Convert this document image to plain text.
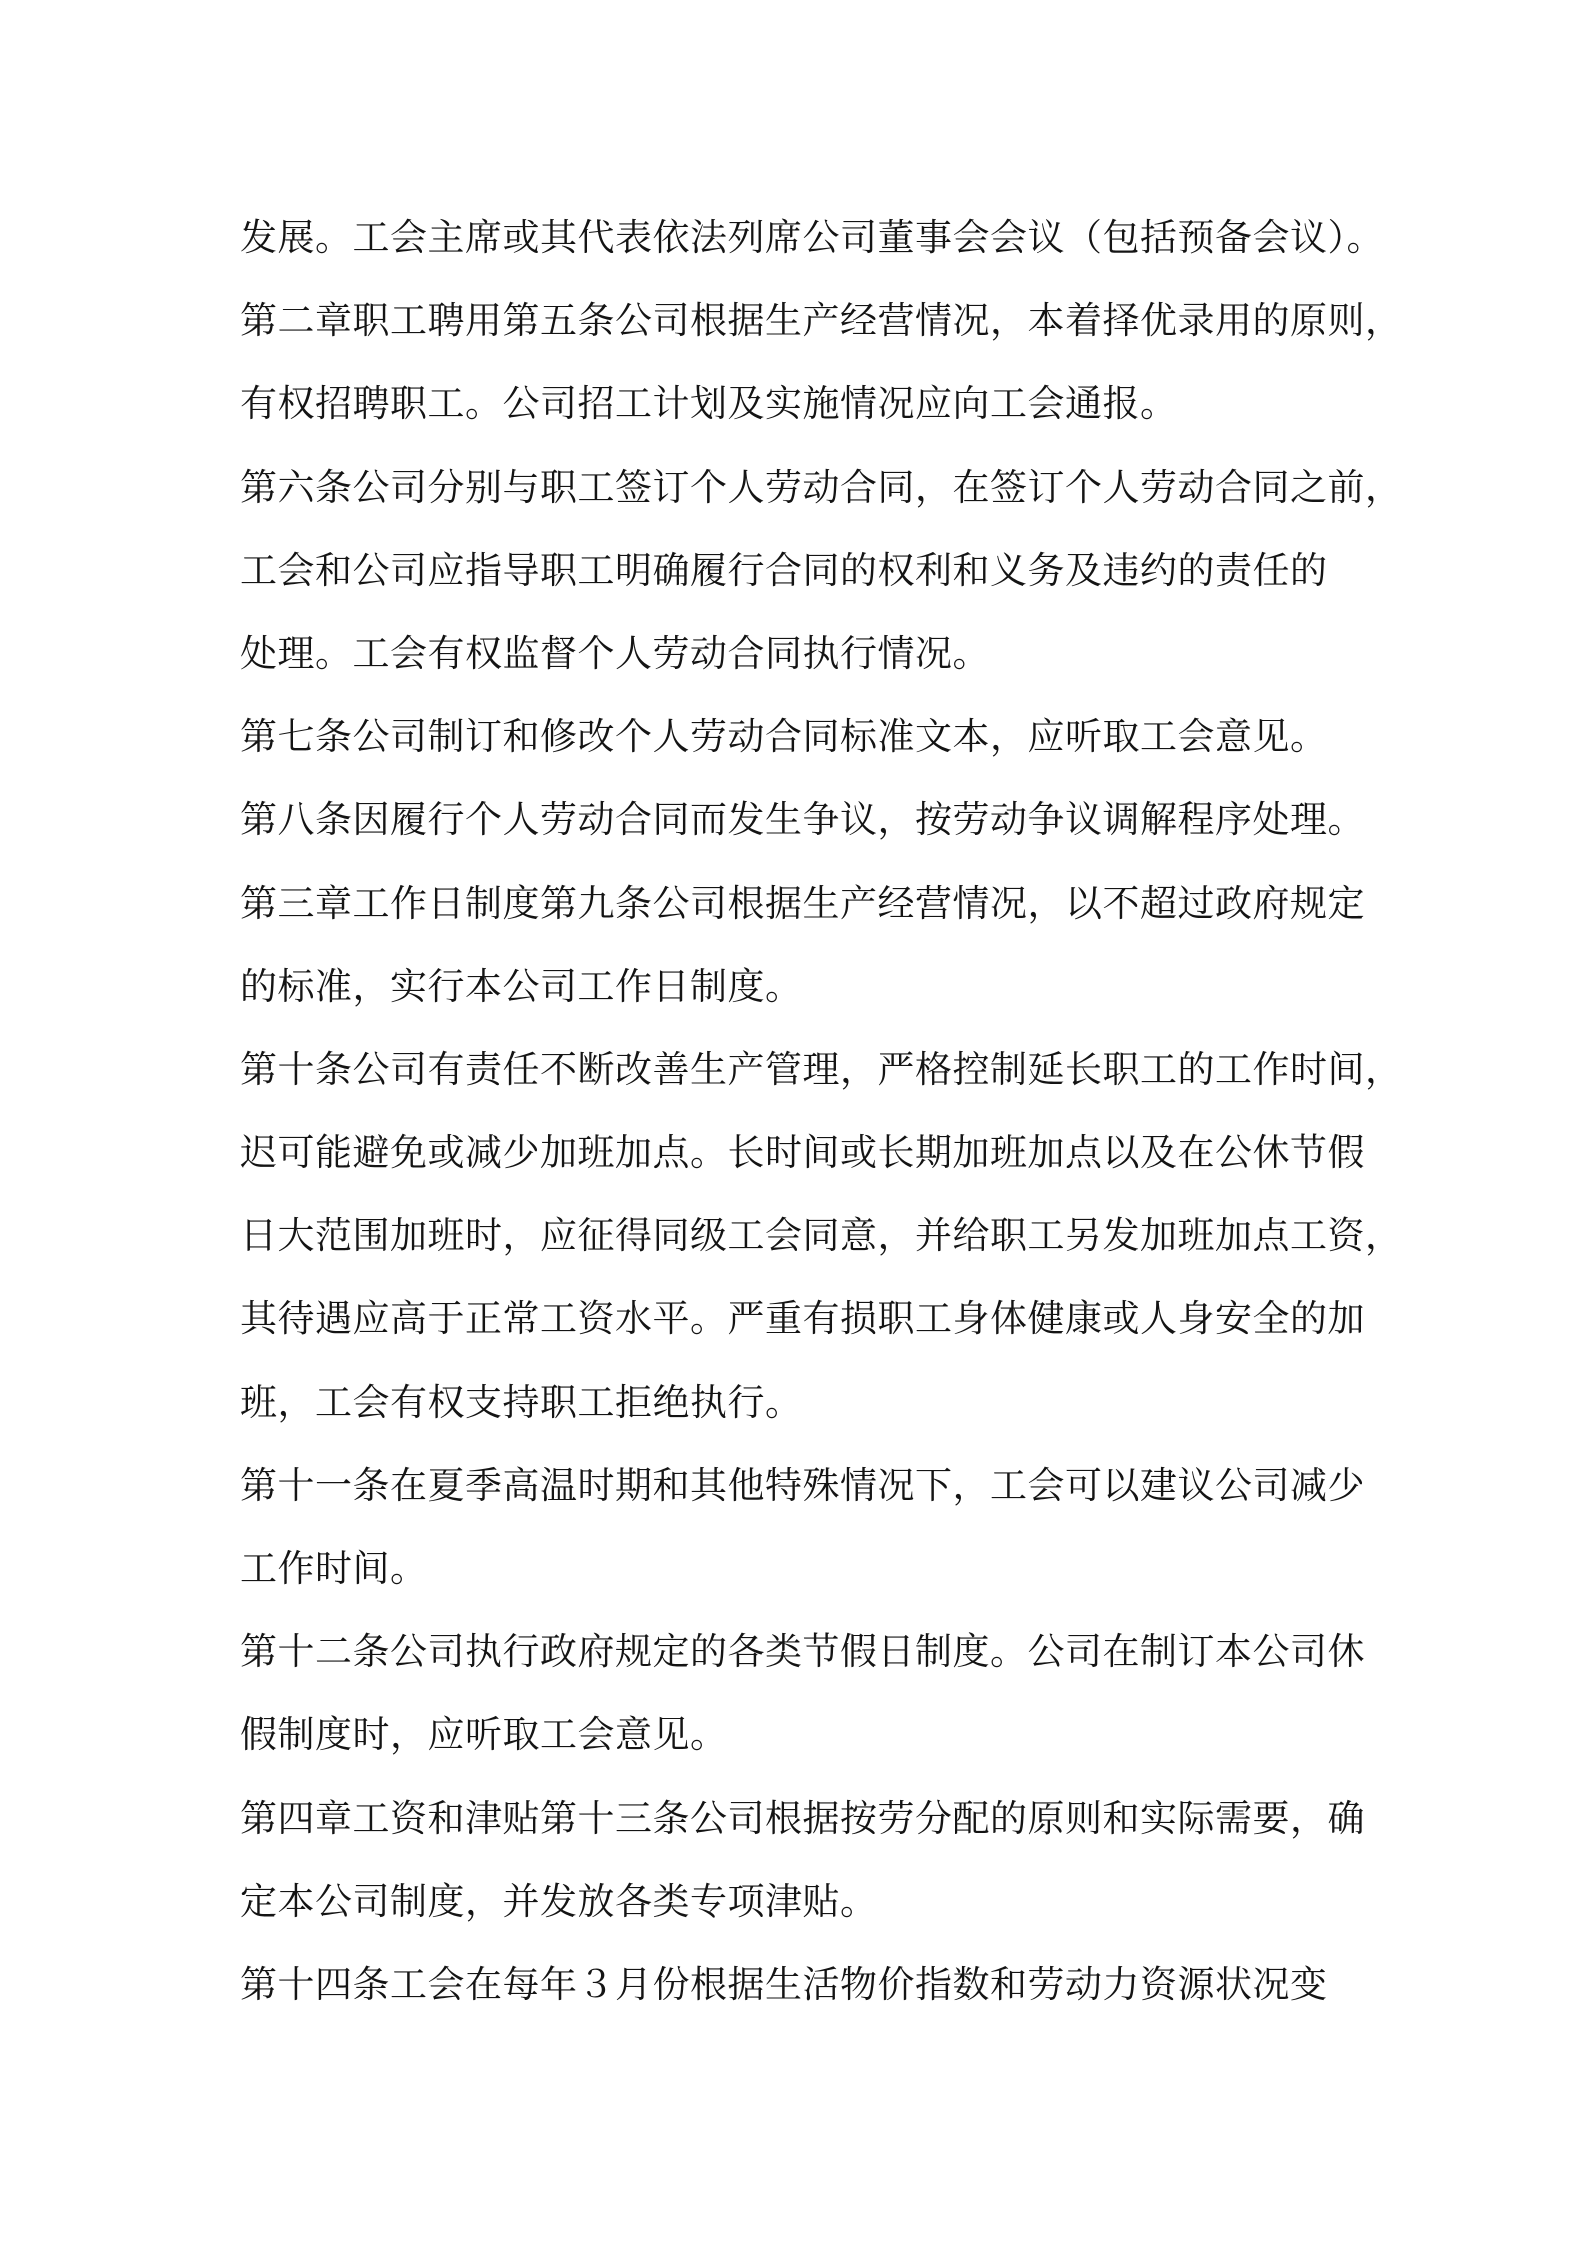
发展。工会主席或其代表依法列席公司董事会会议（包括预备会议）。
第二章职工聘用第五条公司根据生产经营情况，本着择优录用的原则，
有权招聘职工。公司招工计划及实施情况应向工会通报。
第六条公司分别与职工签订个人劳动合同，在签订个人劳动合同之前，
工会和公司应指导职工明确履行合同的权利和义务及违约的责任的
处理。工会有权监督个人劳动合同执行情况。
第七条公司制订和修改个人劳动合同标准文本，应听取工会意见。
第八条因履行个人劳动合同而发生争议，按劳动争议调解程序处理。
第三章工作日制度第九条公司根据生产经营情况，以不超过政府规定
的标准，实行本公司工作日制度。
第十条公司有责任不断改善生产管理，严格控制延长职工的工作时间，
迟可能避免或减少加班加点。长时间或长期加班加点以及在公休节假
日大范围加班时，应征得同级工会同意，并给职工另发加班加点工资，
其待遇应高于正常工资水平。严重有损职工身体健康或人身安全的加
班，工会有权支持职工拒绝执行。
第十一条在夏季高温时期和其他特殊情况下，工会可以建议公司减少
工作时间。
第十二条公司执行政府规定的各类节假日制度。公司在制订本公司休
假制度时，应听取工会意见。
第四章工资和津贴第十三条公司根据按劳分配的原则和实际需要，确
定本公司制度，并发放各类专项津贴。
第十四条工会在每年３月份根据生活物价指数和劳动力资源状况变
